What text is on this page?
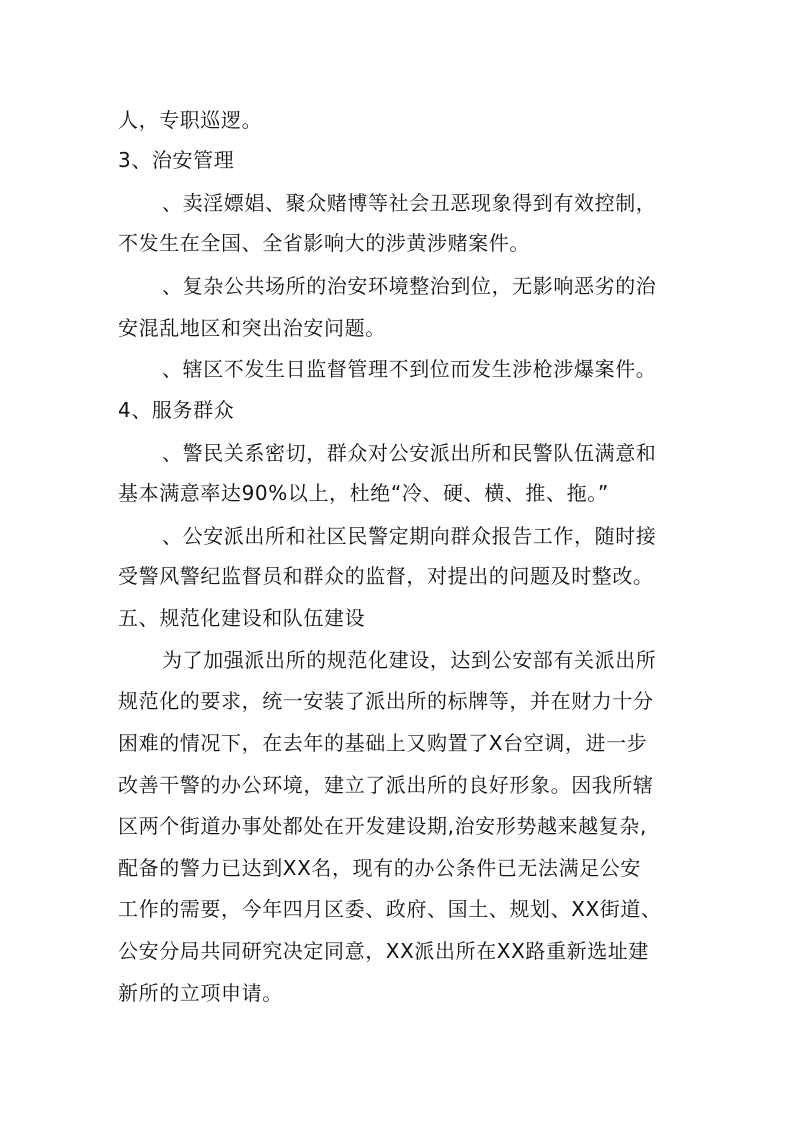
人，专职巡逻。
3、治安管理
、卖淫嫖娼、聚众赌博等社会丑恶现象得到有效控制，
不发生在全国、全省影响大的涉黄涉赌案件。
、复杂公共场所的治安环境整治到位，无影响恶劣的治
安混乱地区和突出治安问题。
、辖区不发生日监督管理不到位而发生涉枪涉爆案件。
4、服务群众
、警民关系密切，群众对公安派出所和民警队伍满意和
基本满意率达90%以上，杜绝“冷、硬、横、推、拖。”
、公安派出所和社区民警定期向群众报告工作，随时接
受警风警纪监督员和群众的监督，对提出的问题及时整改。
五、规范化建设和队伍建设
为了加强派出所的规范化建设，达到公安部有关派出所
规范化的要求，统一安装了派出所的标牌等，并在财力十分
困难的情况下，在去年的基础上又购置了X台空调，进一步
改善干警的办公环境，建立了派出所的良好形象。因我所辖
区两个街道办事处都处在开发建设期,治安形势越来越复杂,
配备的警力已达到XX名，现有的办公条件已无法满足公安
工作的需要，今年四月区委、政府、国土、规划、XX街道、
公安分局共同研究决定同意，XX派出所在XX路重新选址建
新所的立项申请。
